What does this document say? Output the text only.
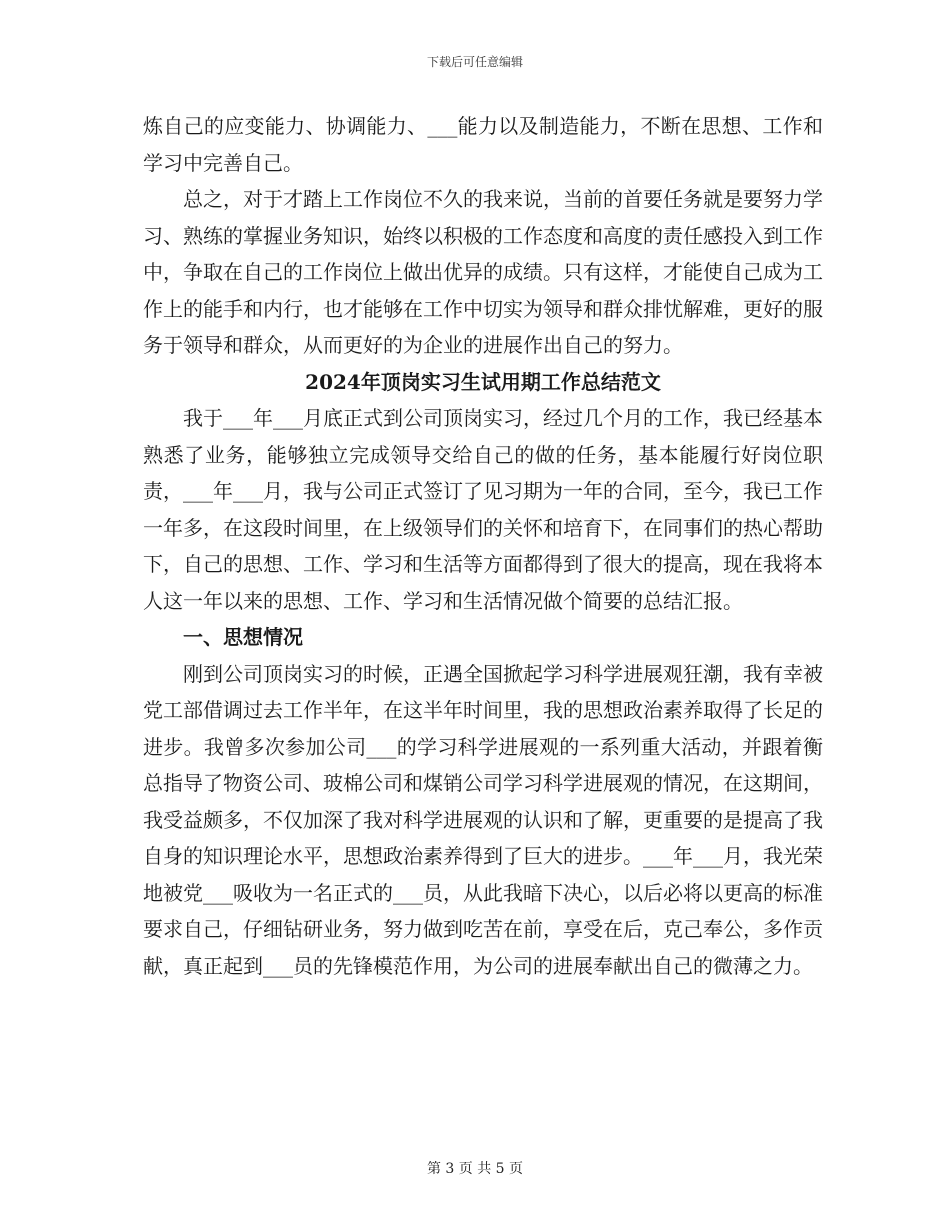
下载后可任意编辑

炼自己的应变能力、协调能力、___能力以及制造能力，不断在思想、工作和学习中完善自己。

总之，对于才踏上工作岗位不久的我来说，当前的首要任务就是要努力学习、熟练的掌握业务知识，始终以积极的工作态度和高度的责任感投入到工作中，争取在自己的工作岗位上做出优异的成绩。只有这样，才能使自己成为工作上的能手和内行，也才能够在工作中切实为领导和群众排忧解难，更好的服务于领导和群众，从而更好的为企业的进展作出自己的努力。

2024年顶岗实习生试用期工作总结范文

我于___年___月底正式到公司顶岗实习，经过几个月的工作，我已经基本熟悉了业务，能够独立完成领导交给自己的做的任务，基本能履行好岗位职责，___年___月，我与公司正式签订了见习期为一年的合同，至今，我已工作一年多，在这段时间里，在上级领导们的关怀和培育下，在同事们的热心帮助下，自己的思想、工作、学习和生活等方面都得到了很大的提高，现在我将本人这一年以来的思想、工作、学习和生活情况做个简要的总结汇报。

一、思想情况

刚到公司顶岗实习的时候，正遇全国掀起学习科学进展观狂潮，我有幸被党工部借调过去工作半年，在这半年时间里，我的思想政治素养取得了长足的进步。我曾多次参加公司___的学习科学进展观的一系列重大活动，并跟着衡总指导了物资公司、玻棉公司和煤销公司学习科学进展观的情况，在这期间，我受益颇多，不仅加深了我对科学进展观的认识和了解，更重要的是提高了我自身的知识理论水平，思想政治素养得到了巨大的进步。___年___月，我光荣地被党___吸收为一名正式的___员，从此我暗下决心，以后必将以更高的标准要求自己，仔细钻研业务，努力做到吃苦在前，享受在后，克己奉公，多作贡献，真正起到___员的先锋模范作用，为公司的进展奉献出自己的微薄之力。

第 3 页 共 5 页
